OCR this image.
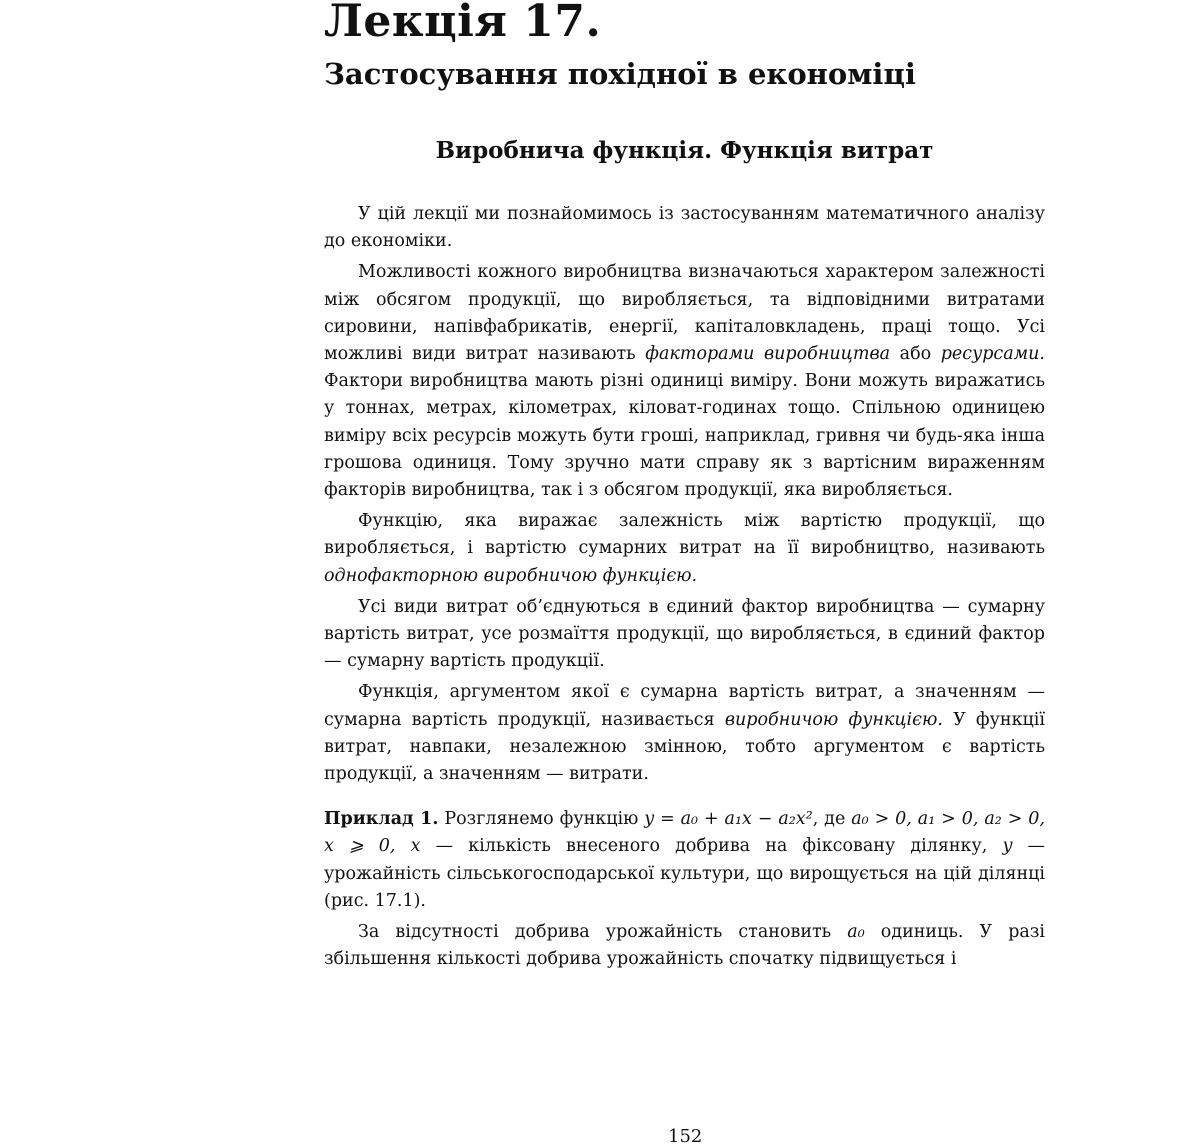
Лекція 17.
Застосування похідної в економіці
Виробнича функція. Функція витрат

У цій лекції ми познайомимось із застосуванням математичного аналізу до економіки.

Можливості кожного виробництва визначаються характером залежності між обсягом продукції, що виробляється, та відповідними витратами сировини, напівфабрикатів, енергії, капіталовкладень, праці тощо. Усі можливі види витрат називають факторами виробництва або ресурсами. Фактори виробництва мають різні одиниці виміру. Вони можуть виражатись у тоннах, метрах, кілометрах, кіловат-годинах тощо. Спільною одиницею виміру всіх ресурсів можуть бути гроші, наприклад, гривня чи будь-яка інша грошова одиниця. Тому зручно мати справу як з вартісним вираженням факторів виробництва, так і з обсягом продукції, яка виробляється.

Функцію, яка виражає залежність між вартістю продукції, що виробляється, і вартістю сумарних витрат на її виробництво, називають однофакторною виробничою функцією.

Усі види витрат об’єднуються в єдиний фактор виробництва — сумарну вартість витрат, усе розмаїття продукції, що виробляється, в єдиний фактор — сумарну вартість продукції.

Функція, аргументом якої є сумарна вартість витрат, а значенням — сумарна вартість продукції, називається виробничою функцією. У функції витрат, навпаки, незалежною змінною, тобто аргументом є вартість продукції, а значенням — витрати.

Приклад 1. Розглянемо функцію y = a₀ + a₁x − a₂x², де a₀ > 0, a₁ > 0, a₂ > 0, x ⩾ 0, x — кількість внесеного добрива на фіксовану ділянку, y — урожайність сільськогосподарської культури, що вирощується на цій ділянці (рис. 17.1).

За відсутності добрива урожайність становить a₀ одиниць. У разі збільшення кількості добрива урожайність спочатку підвищується і

152
